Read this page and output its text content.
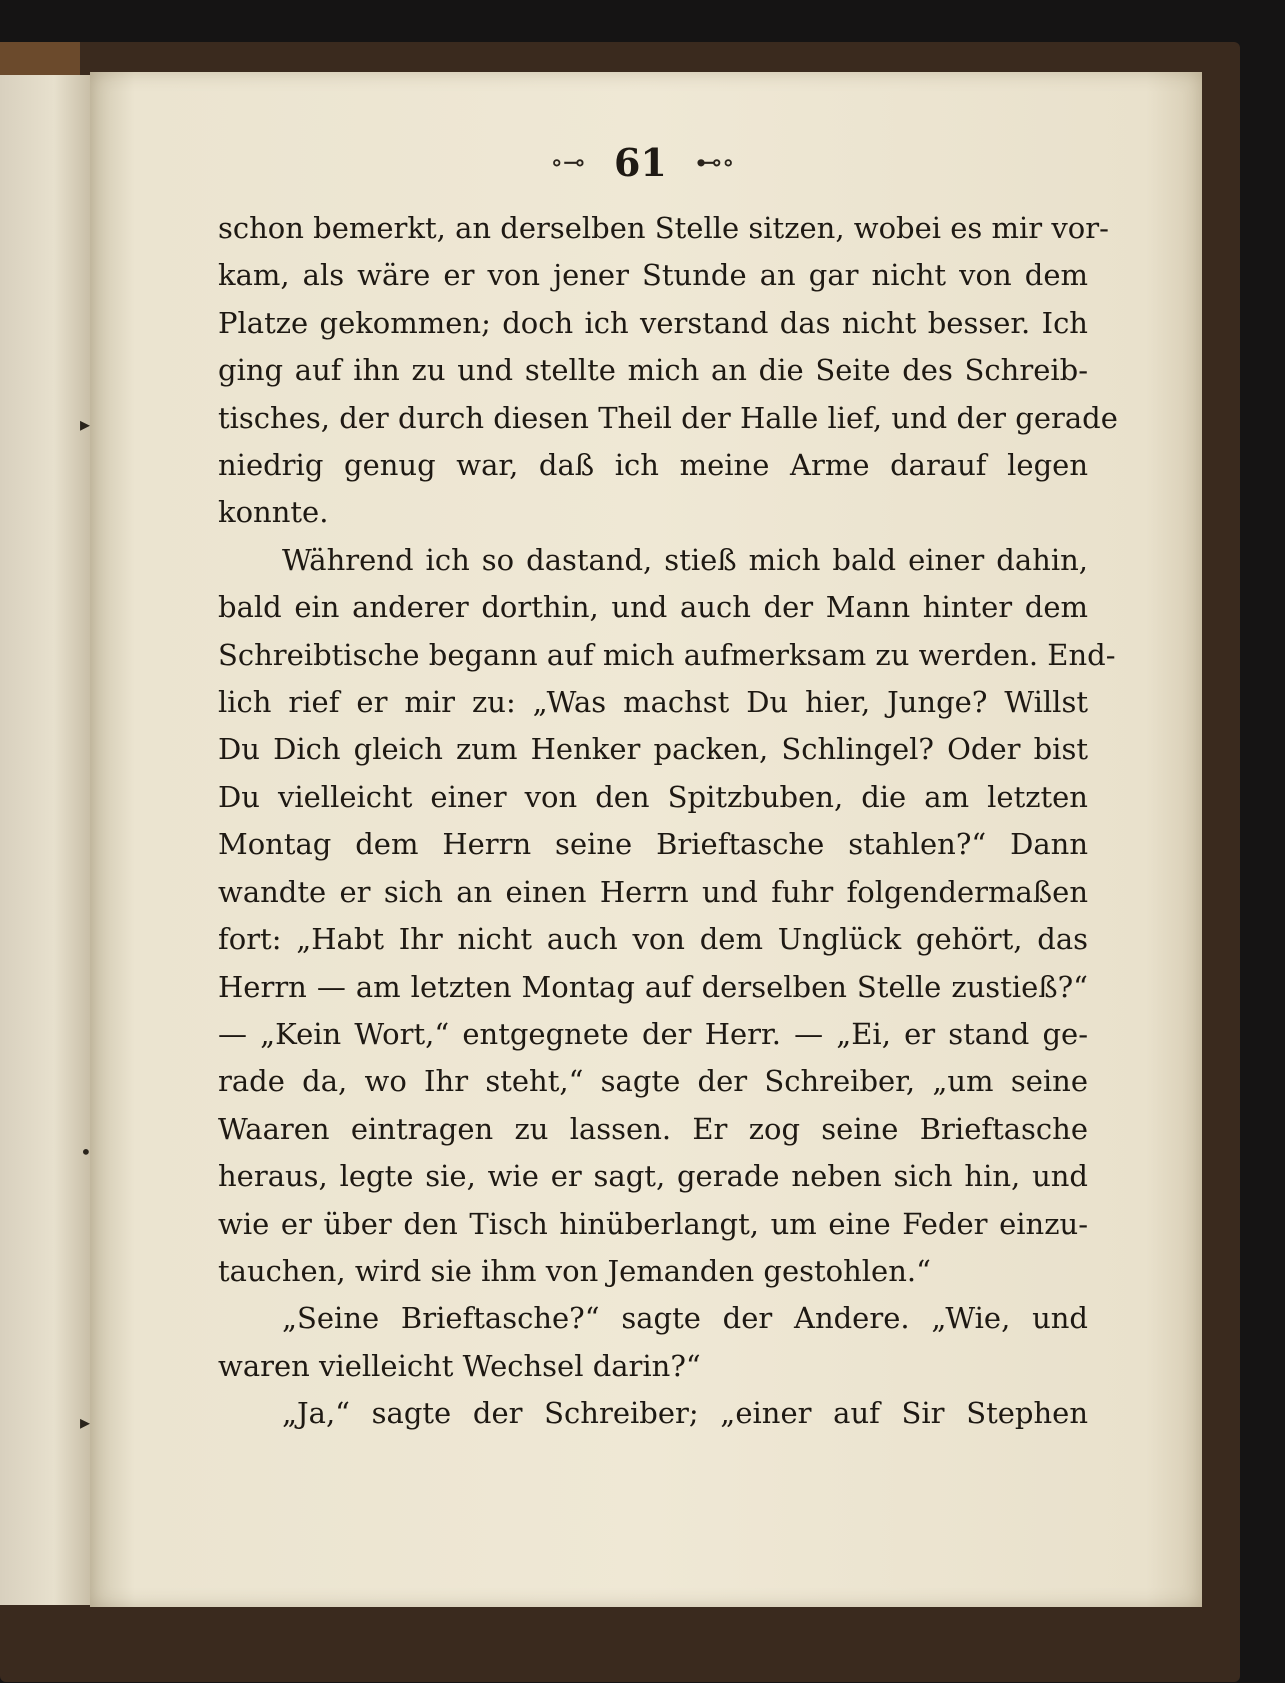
▸
•
▸
∘⊸ 61 ⊷∘
schon bemerkt, an derselben Stelle sitzen, wobei es mir vor-
kam, als wäre er von jener Stunde an gar nicht von dem
Platze gekommen; doch ich verstand das nicht besser. Ich
ging auf ihn zu und stellte mich an die Seite des Schreib-
tisches, der durch diesen Theil der Halle lief, und der gerade
niedrig genug war, daß ich meine Arme darauf legen
konnte.
Während ich so dastand, stieß mich bald einer dahin,
bald ein anderer dorthin, und auch der Mann hinter dem
Schreibtische begann auf mich aufmerksam zu werden. End-
lich rief er mir zu: „Was machst Du hier, Junge? Willst
Du Dich gleich zum Henker packen, Schlingel? Oder bist
Du vielleicht einer von den Spitzbuben, die am letzten
Montag dem Herrn seine Brieftasche stahlen?“ Dann
wandte er sich an einen Herrn und fuhr folgendermaßen
fort: „Habt Ihr nicht auch von dem Unglück gehört, das
Herrn — am letzten Montag auf derselben Stelle zustieß?“
— „Kein Wort,“ entgegnete der Herr. — „Ei, er stand ge-
rade da, wo Ihr steht,“ sagte der Schreiber, „um seine
Waaren eintragen zu lassen. Er zog seine Brieftasche
heraus, legte sie, wie er sagt, gerade neben sich hin, und
wie er über den Tisch hinüberlangt, um eine Feder einzu-
tauchen, wird sie ihm von Jemanden gestohlen.“
„Seine Brieftasche?“ sagte der Andere. „Wie, und
waren vielleicht Wechsel darin?“
„Ja,“ sagte der Schreiber; „einer auf Sir Stephen
